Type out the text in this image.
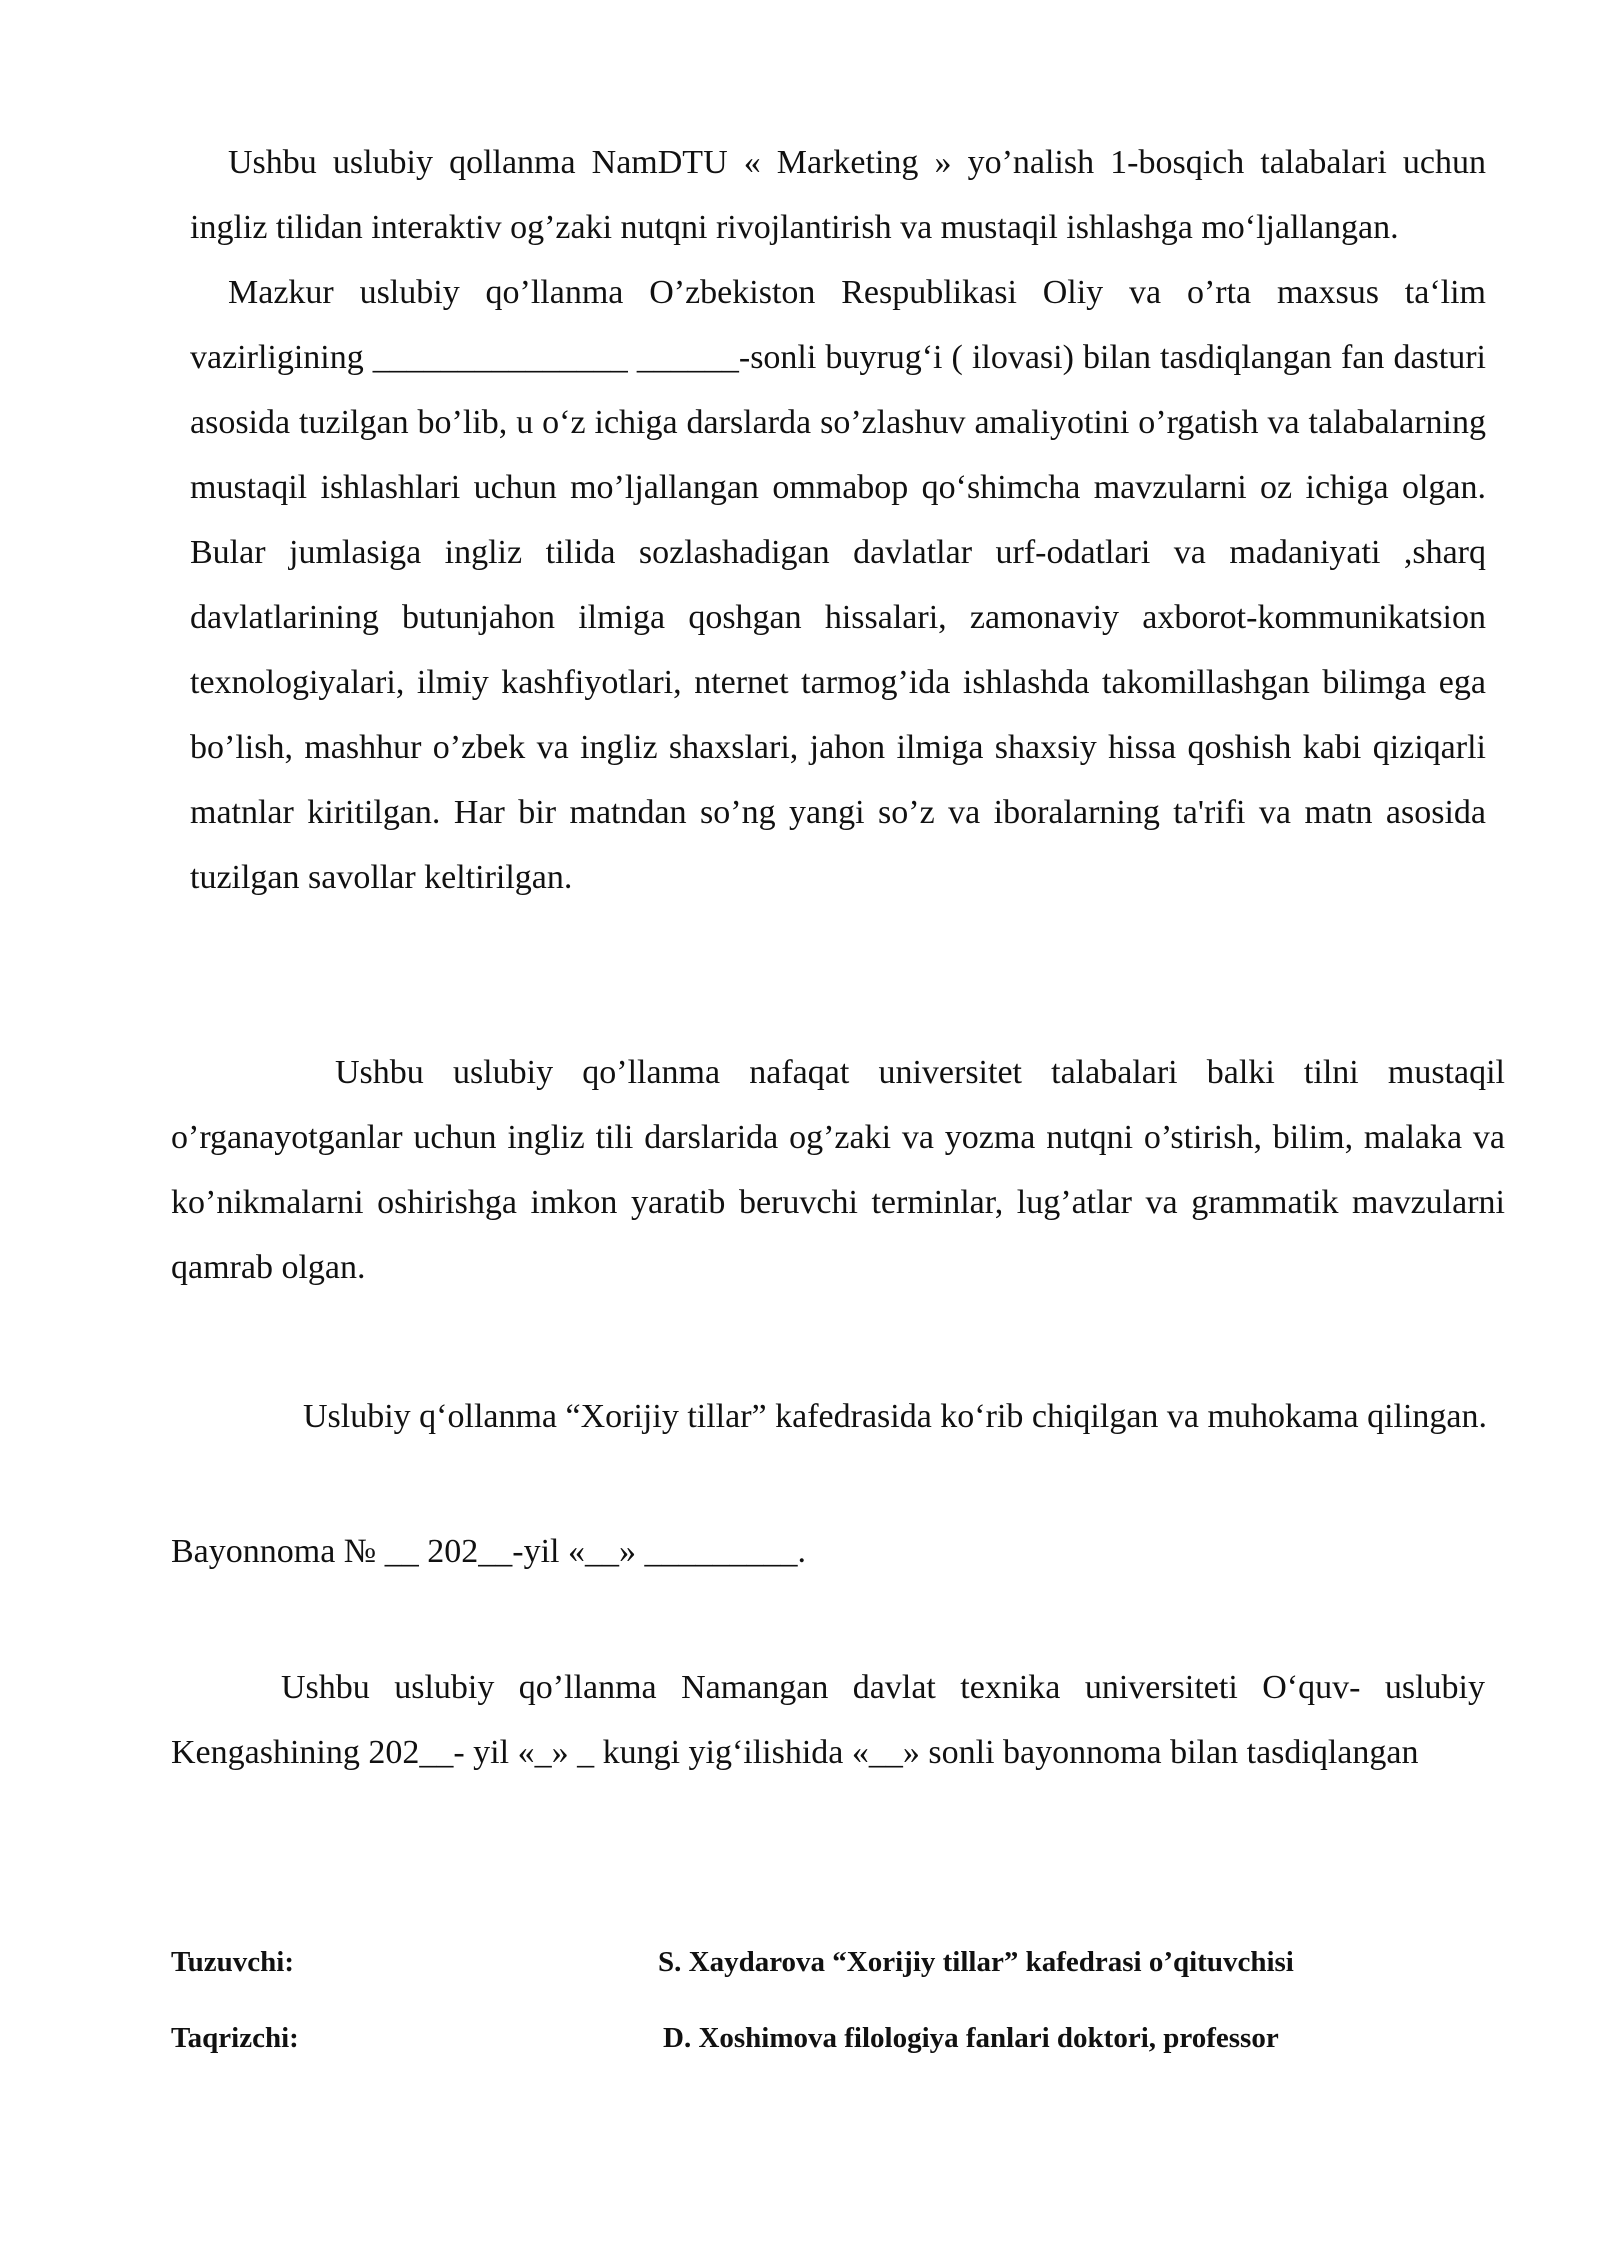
Ushbu uslubiy qollanma NamDTU « Marketing » yo’nalish 1-bosqich talabalari uchun ingliz tilidan interaktiv og’zaki nutqni rivojlantirish va mustaqil ishlashga mo‘ljallangan.

Mazkur uslubiy qo’llanma O’zbekiston Respublikasi Oliy va o’rta maxsus ta‘lim vazirligining _______________ ______-sonli buyrug‘i ( ilovasi) bilan tasdiqlangan fan dasturi asosida tuzilgan bo’lib, u o‘z ichiga darslarda so’zlashuv amaliyotini o’rgatish va talabalarning mustaqil ishlashlari uchun mo’ljallangan ommabop qo‘shimcha mavzularni oz ichiga olgan. Bular jumlasiga ingliz tilida sozlashadigan davlatlar urf-odatlari va madaniyati ,sharq davlatlarining butunjahon ilmiga qoshgan hissalari, zamonaviy axborot-kommunikatsion texnologiyalari, ilmiy kashfiyotlari, nternet tarmog’ida ishlashda takomillashgan bilimga ega bo’lish, mashhur o’zbek va ingliz shaxslari, jahon ilmiga shaxsiy hissa qoshish kabi qiziqarli matnlar kiritilgan. Har bir matndan so’ng yangi so’z va iboralarning ta'rifi va matn asosida tuzilgan savollar keltirilgan.

Ushbu uslubiy qo’llanma nafaqat universitet talabalari balki tilni mustaqil o’rganayotganlar uchun ingliz tili darslarida og’zaki va yozma nutqni o’stirish, bilim, malaka va ko’nikmalarni oshirishga imkon yaratib beruvchi terminlar, lug’atlar va grammatik mavzularni qamrab olgan.

Uslubiy q‘ollanma “Xorijiy tillar” kafedrasida ko‘rib chiqilgan va muhokama qilingan.

Bayonnoma № __ 202__-yil «__» _________.

Ushbu uslubiy qo’llanma Namangan davlat texnika universiteti O‘quv- uslubiy Kengashining 202__- yil «_» _ kungi yig‘ilishida «__» sonli bayonnoma bilan tasdiqlangan

Tuzuvchi:	S. Xaydarova “Xorijiy tillar” kafedrasi o’qituvchisi
Taqrizchi:	D. Xoshimova filologiya fanlari doktori, professor
